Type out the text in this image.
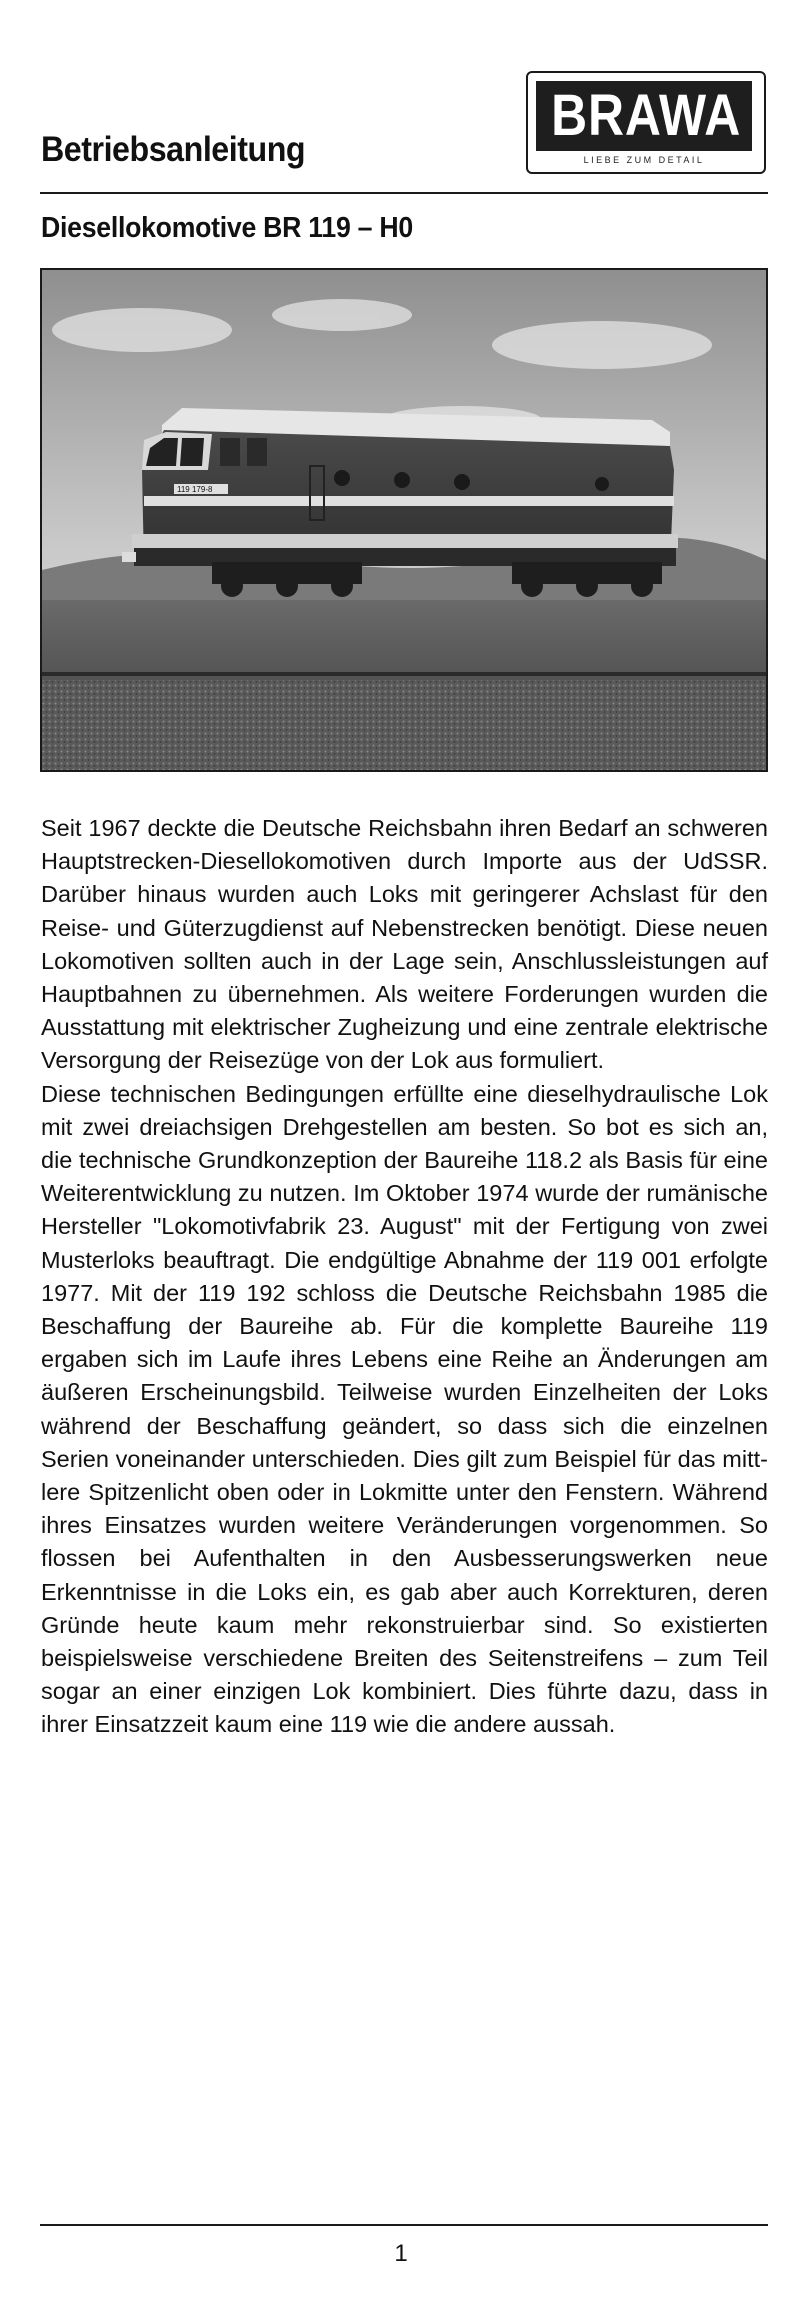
Betriebsanleitung
BRAWA
LIEBE ZUM DETAIL
Diesellokomotive BR 119 – H0
119 179-8

Seit 1967 deckte die Deutsche Reichsbahn ihren Bedarf an schweren Hauptstrecken-Diesellokomotiven durch Importe aus der UdSSR. Darüber hinaus wurden auch Loks mit geringerer Achslast für den Reise- und Güterzugdienst auf Nebenstrecken benötigt. Diese neuen Lokomotiven sollten auch in der Lage sein, Anschlussleistungen auf Hauptbahnen zu übernehmen. Als weitere Forderungen wurden die Ausstattung mit elektrischer Zugheizung und eine zentrale elektrische Versorgung der Reisezüge von der Lok aus formuliert.

Diese technischen Bedingungen erfüllte eine dieselhydraulische Lok mit zwei dreiachsigen Drehgestellen am besten. So bot es sich an, die technische Grundkonzeption der Baureihe 118.2 als Basis für eine Weiterentwicklung zu nutzen. Im Oktober 1974 wurde der rumänische Hersteller "Lokomotivfabrik 23. August" mit der Fertigung von zwei Musterloks beauftragt. Die endgültige Abnahme der 119 001 erfolgte 1977. Mit der 119 192 schloss die Deutsche Reichsbahn 1985 die Beschaffung der Baureihe ab. Für die komplette Baureihe 119 ergaben sich im Laufe ihres Lebens eine Reihe an Änderungen am äußeren Erscheinungsbild. Teilweise wurden Einzelheiten der Loks während der Beschaffung geändert, so dass sich die einzelnen Serien voneinander unterschieden. Dies gilt zum Beispiel für das mittlere Spitzenlicht oben oder in Lokmitte unter den Fenstern. Während ihres Einsatzes wurden weitere Veränderungen vorgenommen. So flossen bei Aufenthalten in den Ausbesserungswerken neue Erkenntnisse in die Loks ein, es gab aber auch Korrekturen, deren Gründe heute kaum mehr rekonstruierbar sind. So existierten beispielsweise verschiedene Breiten des Seitenstreifens – zum Teil sogar an einer einzigen Lok kombiniert. Dies führte dazu, dass in ihrer Einsatzzeit kaum eine 119 wie die andere aussah.

1
